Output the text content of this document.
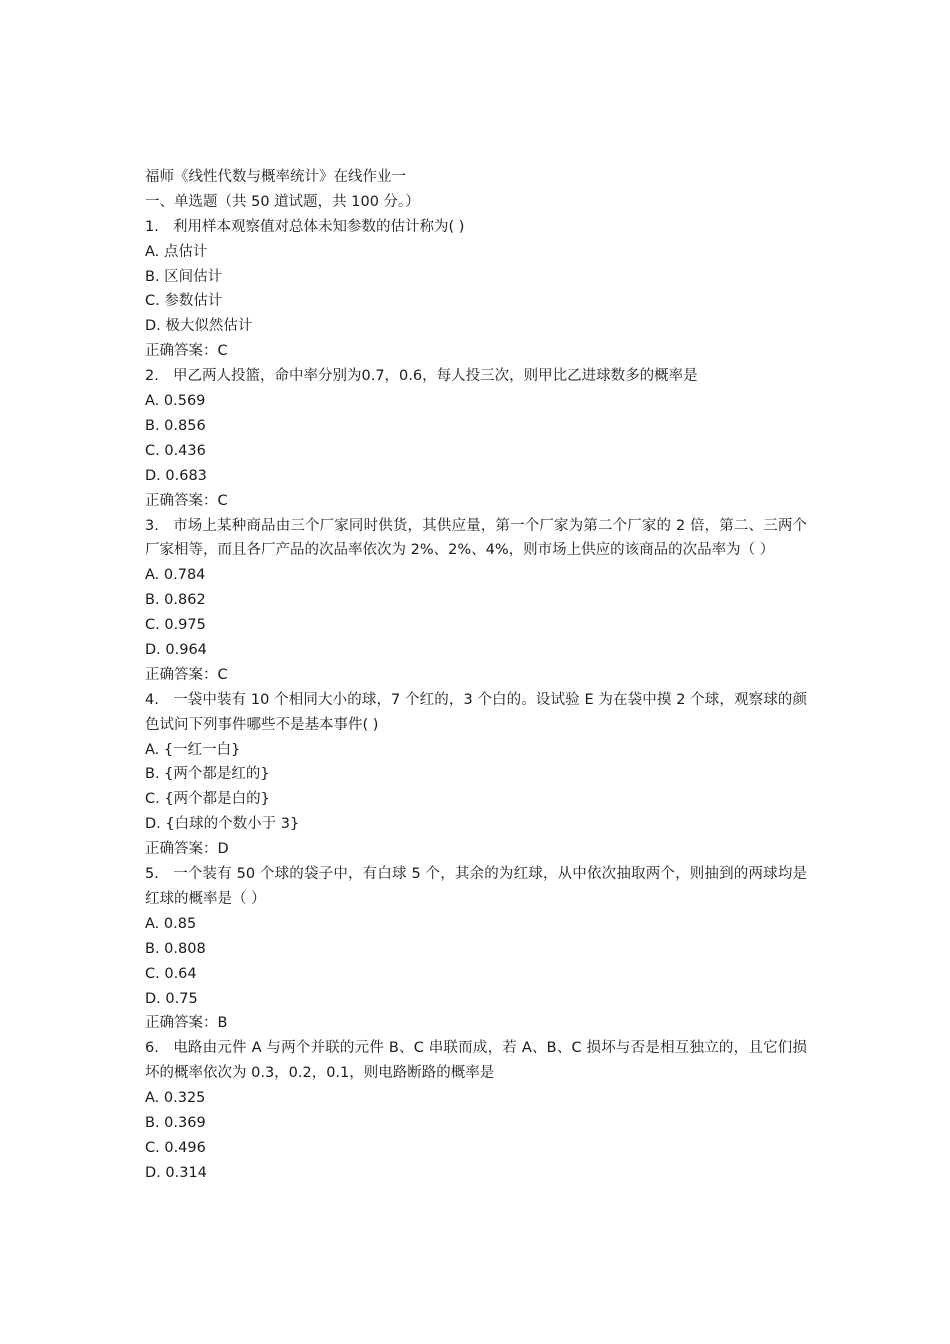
福师《线性代数与概率统计》在线作业一
一、单选题（共 50 道试题，共 100 分。）
1. 利用样本观察值对总体未知参数的估计称为( )
A. 点估计
B. 区间估计
C. 参数估计
D. 极大似然估计
正确答案：C
2. 甲乙两人投篮，命中率分别为0.7，0.6，每人投三次，则甲比乙进球数多的概率是
A. 0.569
B. 0.856
C. 0.436
D. 0.683
正确答案：C
3. 市场上某种商品由三个厂家同时供货，其供应量，第一个厂家为第二个厂家的 2 倍，第二、三两个厂家相等，而且各厂产品的次品率依次为 2%、2%、4%，则市场上供应的该商品的次品率为（ ）
A. 0.784
B. 0.862
C. 0.975
D. 0.964
正确答案：C
4. 一袋中装有 10 个相同大小的球，7 个红的，3 个白的。设试验 E 为在袋中摸 2 个球，观察球的颜色试问下列事件哪些不是基本事件( )
A. {一红一白}
B. {两个都是红的}
C. {两个都是白的}
D. {白球的个数小于 3}
正确答案：D
5. 一个装有 50 个球的袋子中，有白球 5 个，其余的为红球，从中依次抽取两个，则抽到的两球均是红球的概率是（ ）
A. 0.85
B. 0.808
C. 0.64
D. 0.75
正确答案：B
6. 电路由元件 A 与两个并联的元件 B、C 串联而成，若 A、B、C 损坏与否是相互独立的，且它们损坏的概率依次为 0.3，0.2，0.1，则电路断路的概率是
A. 0.325
B. 0.369
C. 0.496
D. 0.314
